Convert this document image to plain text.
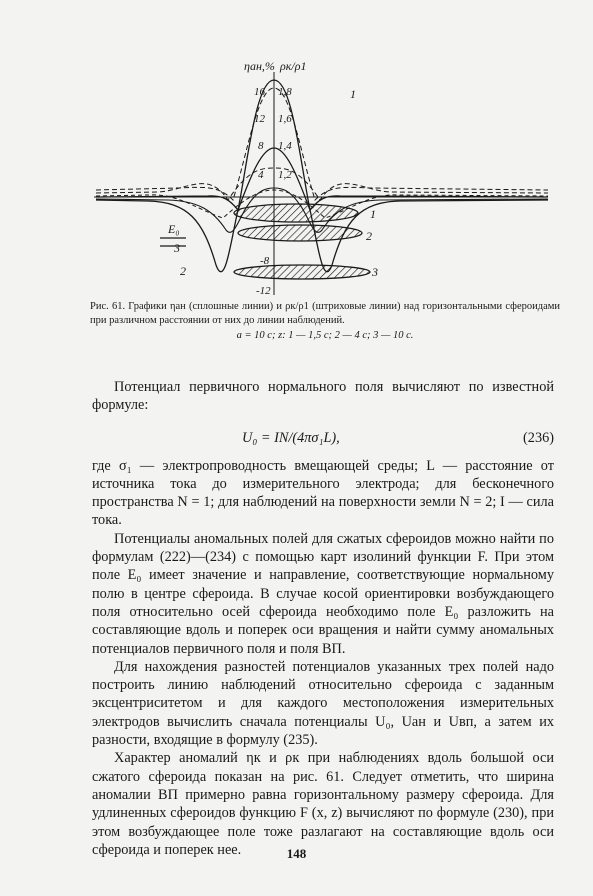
E₀
ηан,% ρк/ρ1
16
12
8
4
1,8
1,6
1,4
1,2
-8
-12
1
1
2
3
3
2
Рис. 61. Графики ηан (сплошные линии) и ρк/ρ1 (штриховые линии) над горизонтальными сфероидами при различном расстоянии от них до линии наблюдений.
a = 10 c; z: 1 — 1,5 c; 2 — 4 c; 3 — 10 c.

Потенциал первичного нормального поля вычисляют по известной формуле:

U₀ = IN/(4πσ₁L),	(236)

где σ₁ — электропроводность вмещающей среды; L — расстояние от источника тока до измерительного электрода; для бесконечного пространства N = 1; для наблюдений на поверхности земли N = 2; I — сила тока.

Потенциалы аномальных полей для сжатых сфероидов можно найти по формулам (222)—(234) с помощью карт изолиний функции F. При этом поле E₀ имеет значение и направление, соответствующие нормальному полю в центре сфероида. В случае косой ориентировки возбуждающего поля относительно осей сфероида необходимо поле E₀ разложить на составляющие вдоль и поперек оси вращения и найти сумму аномальных потенциалов первичного поля и поля ВП.

Для нахождения разностей потенциалов указанных трех полей надо построить линию наблюдений относительно сфероида с заданным эксцентриситетом и для каждого местоположения измерительных электродов вычислить сначала потенциалы U₀, Uан и Uвп, а затем их разности, входящие в формулу (235).

Характер аномалий ηк и ρк при наблюдениях вдоль большой оси сжатого сфероида показан на рис. 61. Следует отметить, что ширина аномалии ВП примерно равна горизонтальному размеру сфероида. Для удлиненных сфероидов функцию F (x, z) вычисляют по формуле (230), при этом возбуждающее поле тоже разлагают на составляющие вдоль оси сфероида и поперек нее.	148
